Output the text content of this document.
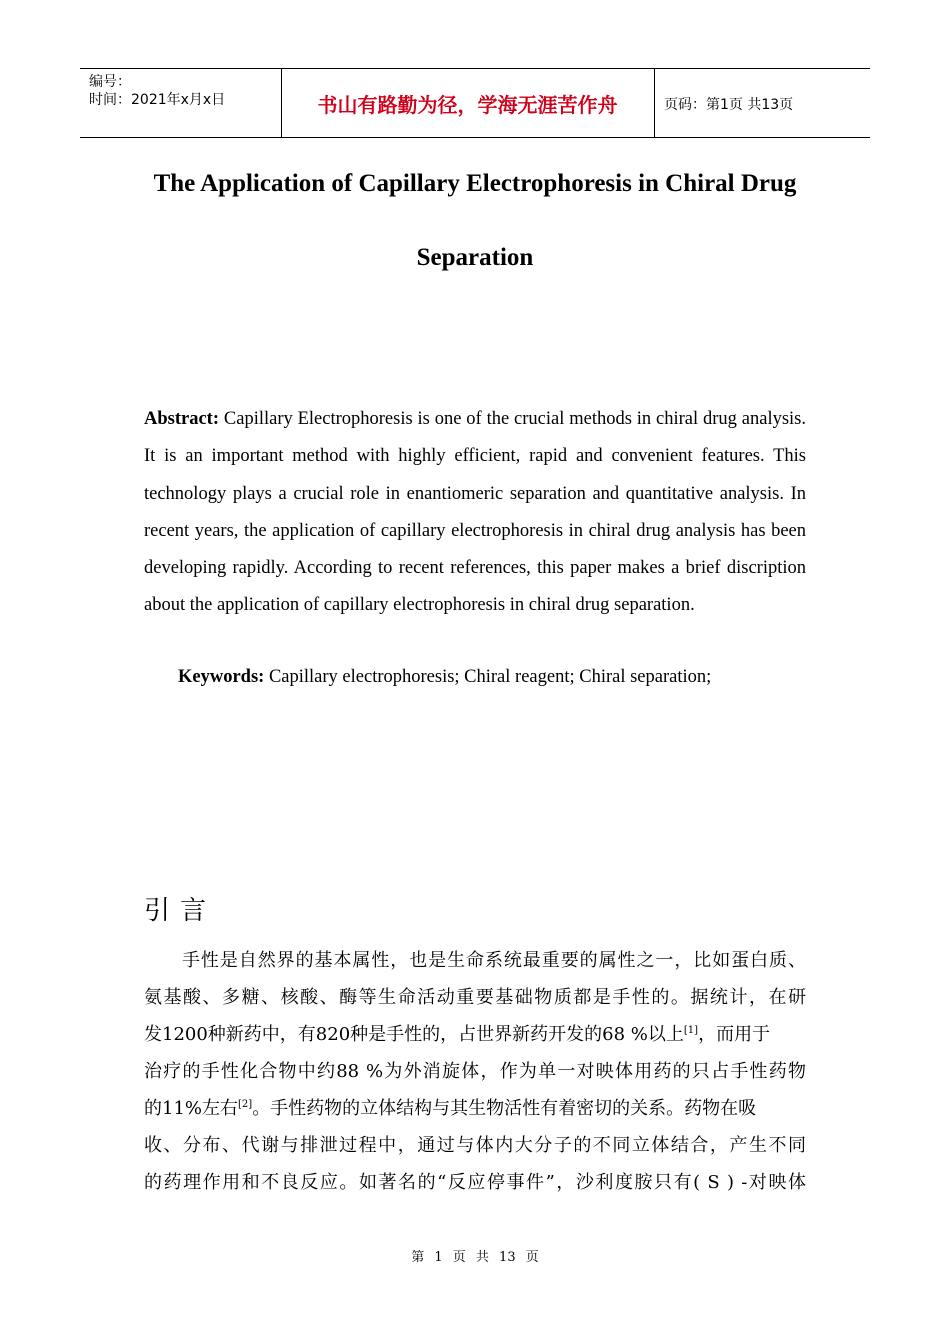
编号：
时间：2021年x月x日	书山有路勤为径，学海无涯苦作舟	页码：第1页 共13页
The Application of Capillary Electrophoresis in Chiral Drug
Separation
Abstract: Capillary Electrophoresis is one of the crucial methods in chiral drug analysis. It is an important method with highly efficient, rapid and convenient features. This technology plays a crucial role in enantiomeric separation and quantitative analysis. In recent years, the application of capillary electrophoresis in chiral drug analysis has been developing rapidly. According to recent references, this paper makes a brief discription about the application of capillary electrophoresis in chiral drug separation.
Keywords: Capillary electrophoresis; Chiral reagent; Chiral separation;
引言
手性是自然界的基本属性，也是生命系统最重要的属性之一，比如蛋白质、
氨基酸、多糖、核酸、酶等生命活动重要基础物质都是手性的。据统计，在研
发1200种新药中，有820种是手性的，占世界新药开发的68 %以上[1]，而用于
治疗的手性化合物中约88 %为外消旋体，作为单一对映体用药的只占手性药物
的11%左右[2]。手性药物的立体结构与其生物活性有着密切的关系。药物在吸
收、分布、代谢与排泄过程中，通过与体内大分子的不同立体结合，产生不同
的药理作用和不良反应。如著名的“反应停事件”，沙利度胺只有( S ) -对映体
第 1 页 共 13 页
